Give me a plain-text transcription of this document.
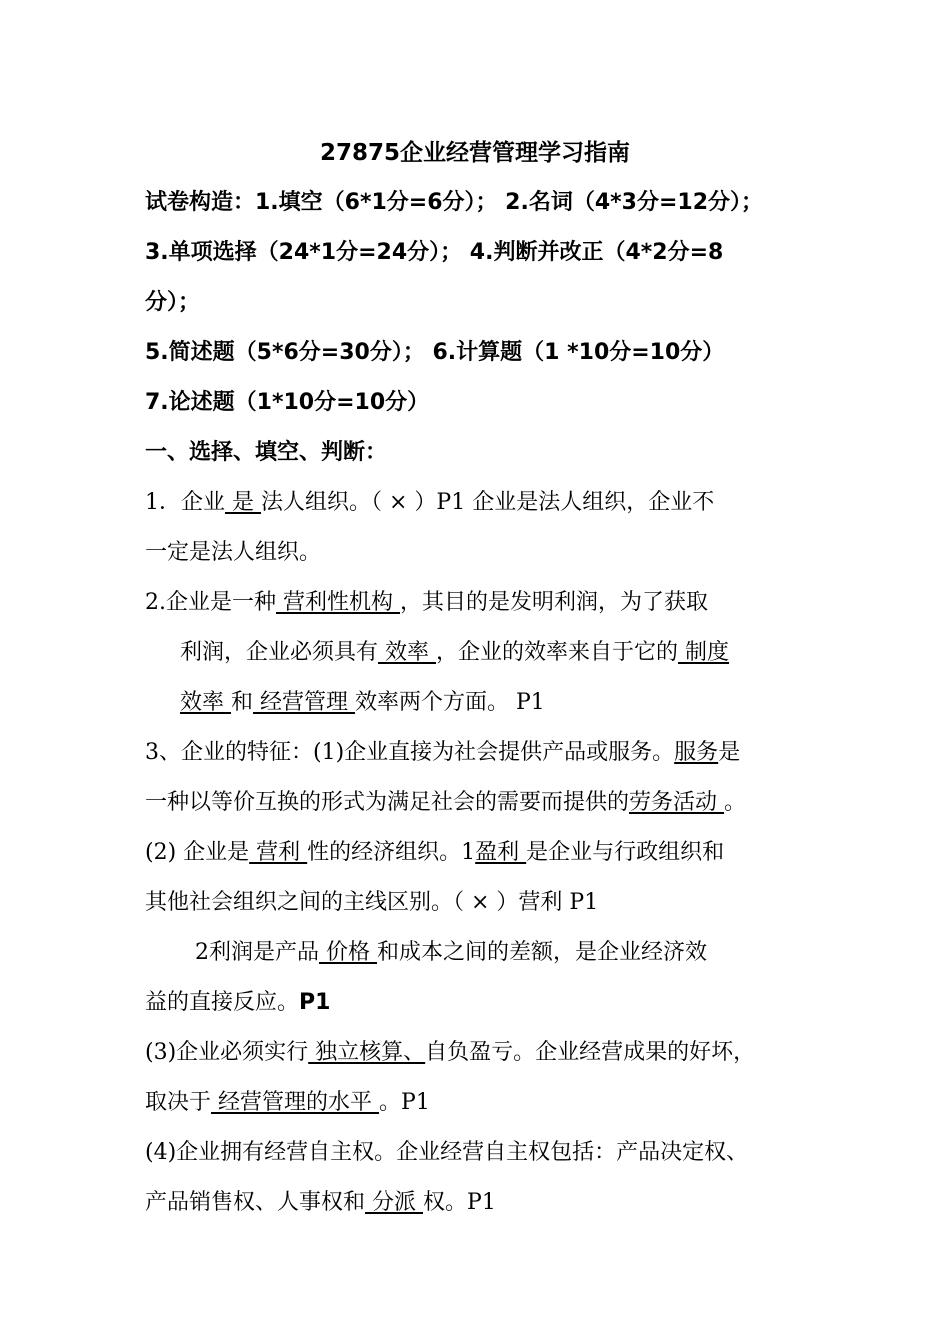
27875企业经营管理学习指南
试卷构造：1.填空（6*1分=6分）； 2.名词（4*3分=12分）；
3.单项选择（24*1分=24分）； 4.判断并改正（4*2分=8
分）；
5.简述题（5*6分=30分）； 6.计算题（1 *10分=10分）
7.论述题（1*10分=10分）
一、选择、填空、判断：
1．企业 是 法人组织。（ × ）P1 企业是法人组织，企业不
一定是法人组织。
2.企业是一种 营利性机构 ，其目的是发明利润，为了获取
利润，企业必须具有 效率 ，企业的效率来自于它的 制度
效率 和 经营管理 效率两个方面。 P1
3、企业的特征：(1)企业直接为社会提供产品或服务。服务是
一种以等价互换的形式为满足社会的需要而提供的劳务活动 。
(2) 企业是 营利 性的经济组织。1盈利 是企业与行政组织和
其他社会组织之间的主线区别。（ × ）营利 P1
2利润是产品 价格 和成本之间的差额，是企业经济效
益的直接反应。P1
(3)企业必须实行 独立核算、自负盈亏。企业经营成果的好坏，
取决于 经营管理的水平 。P1
(4)企业拥有经营自主权。企业经营自主权包括：产品决定权、
产品销售权、人事权和 分派 权。P1
